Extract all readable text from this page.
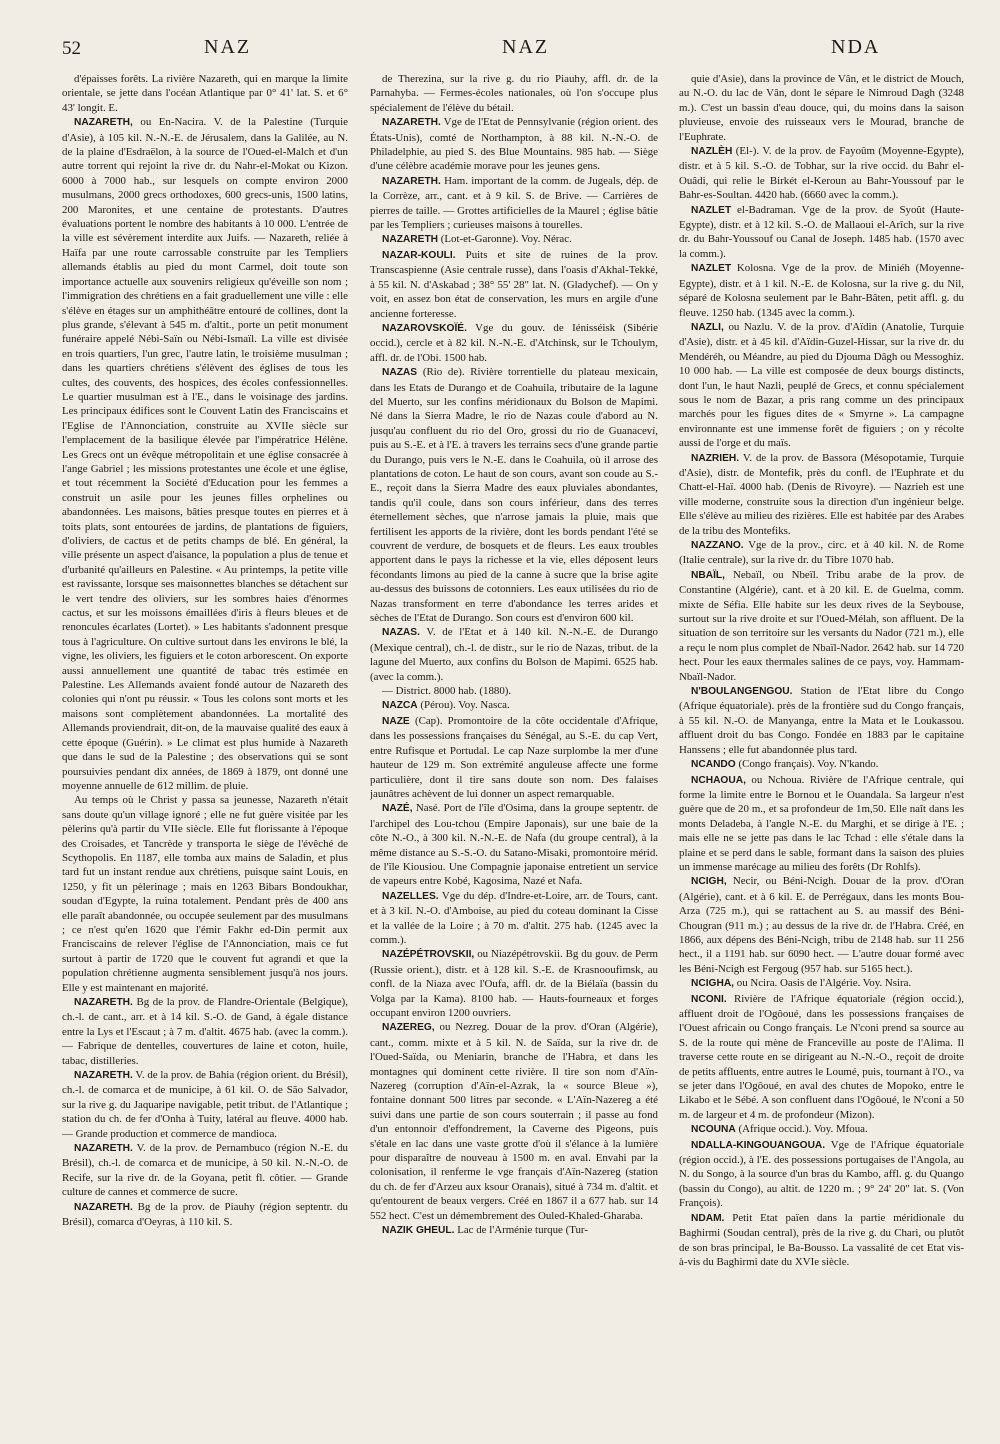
52	NAZ	NAZ	NDA

d'épaisses forêts. La rivière Nazareth, qui en marque la limite orientale, se jette dans l'océan Atlantique par 0° 41' lat. S. et 6° 43' longit. E.

NAZARETH, ou En-Nacira. V. de la Palestine (Turquie d'Asie), à 105 kil. N.-N.-E. de Jérusalem, dans la Galilée, au N. de la plaine d'Esdraëlon, à la source de l'Oued-el-Malch et d'un autre torrent qui rejoint la rive dr. du Nahr-el-Mokat ou Kizon. 6000 à 7000 hab., sur lesquels on compte environ 2000 musulmans, 2000 grecs orthodoxes, 600 grecs-unis, 1500 latins, 200 Maronites, et une centaine de protestants. D'autres évaluations portent le nombre des habitants à 10 000. L'entrée de la ville est sévèrement interdite aux Juifs. — Nazareth, reliée à Haïfa par une route carrossable construite par les Templiers allemands établis au pied du mont Carmel, doit toute son importance actuelle aux souvenirs religieux qu'éveille son nom ; l'immigration des chrétiens en a fait graduellement une ville : elle s'élève en étages sur un amphithéâtre entouré de collines, dont la plus grande, s'élevant à 545 m. d'altit., porte un petit monument funéraire appelé Nébi-Saïn ou Nébi-Ismaïl. La ville est divisée en trois quartiers, l'un grec, l'autre latin, le troisième musulman ; dans les quartiers chrétiens s'élèvent des églises de tous les cultes, des couvents, des hospices, des écoles confessionnelles. Le quartier musulman est à l'E., dans le voisinage des jardins. Les principaux édifices sont le Couvent Latin des Franciscains et l'Eglise de l'Annonciation, construite au XVIIe siècle sur l'emplacement de la basilique élevée par l'impératrice Hélène. Les Grecs ont un évêque métropolitain et une église consacrée à l'ange Gabriel ; les missions protestantes une école et une église, et tout récemment la Société d'Education pour les femmes a construit un asile pour les jeunes filles orphelines ou abandonnées. Les maisons, bâties presque toutes en pierres et à toits plats, sont entourées de jardins, de plantations de figuiers, d'oliviers, de cactus et de petits champs de blé. En général, la ville présente un aspect d'aisance, la population a plus de tenue et d'urbanité qu'ailleurs en Palestine. « Au printemps, la petite ville est ravissante, lorsque ses maisonnettes blanches se détachent sur le vert tendre des oliviers, sur les sombres haies d'énormes cactus, et sur les moissons émaillées d'iris à fleurs bleues et de renoncules écarlates (Lortet). » Les habitants s'adonnent presque tous à l'agriculture. On cultive surtout dans les environs le blé, la vigne, les oliviers, les figuiers et le coton arborescent. On exporte aussi annuellement une quantité de tabac très estimée en Palestine. Les Allemands avaient fondé autour de Nazareth des colonies qui n'ont pu réussir. « Tous les colons sont morts et les maisons sont complètement abandonnées. La mortalité des Allemands proviendrait, dit-on, de la mauvaise qualité des eaux à cette époque (Guérin). » Le climat est plus humide à Nazareth que dans le sud de la Palestine ; des observations qui se sont poursuivies pendant dix années, de 1869 à 1879, ont donné une moyenne annuelle de 612 millim. de pluie.

Au temps où le Christ y passa sa jeunesse, Nazareth n'était sans doute qu'un village ignoré ; elle ne fut guère visitée par les pèlerins qu'à partir du VIIe siècle. Elle fut florissante à l'époque des Croisades, et Tancrède y transporta le siège de l'évêché de Scythopolis. En 1187, elle tomba aux mains de Saladin, et plus tard fut un instant rendue aux chrétiens, puisque saint Louis, en 1250, y fit un pèlerinage ; mais en 1263 Bibars Bondoukhar, soudan d'Egypte, la ruina totalement. Pendant près de 400 ans elle paraît abandonnée, ou occupée seulement par des musulmans ; ce n'est qu'en 1620 que l'émir Fakhr ed-Din permit aux Franciscains de relever l'église de l'Annonciation, mais ce fut surtout à partir de 1720 que le couvent fut agrandi et que la population chrétienne augmenta sensiblement jusqu'à nos jours. Elle y est maintenant en majorité.

NAZARETH. Bg de la prov. de Flandre-Orientale (Belgique), ch.-l. de cant., arr. et à 14 kil. S.-O. de Gand, à égale distance entre la Lys et l'Escaut ; à 7 m. d'altit. 4675 hab. (avec la comm.). — Fabrique de dentelles, couvertures de laine et coton, huile, tabac, distilleries.

NAZARETH. V. de la prov. de Bahia (région orient. du Brésil), ch.-l. de comarca et de municipe, à 61 kil. O. de São Salvador, sur la rive g. du Jaquaripe navigable, petit tribut. de l'Atlantique ; station du ch. de fer d'Onha à Tuity, latéral au fleuve. 4000 hab. — Grande production et commerce de mandioca.

NAZARETH. V. de la prov. de Pernambuco (région N.-E. du Brésil), ch.-l. de comarca et de municipe, à 50 kil. N.-N.-O. de Recife, sur la rive dr. de la Goyana, petit fl. côtier. — Grande culture de cannes et commerce de sucre.

NAZARETH. Bg de la prov. de Piauhy (région septentr. du Brésil), comarca d'Oeyras, à 110 kil. S.

de Therezina, sur la rive g. du rio Piauhy, affl. dr. de la Parnahyba. — Fermes-écoles nationales, où l'on s'occupe plus spécialement de l'élève du bétail.

NAZARETH. Vge de l'Etat de Pennsylvanie (région orient. des États-Unis), comté de Northampton, à 88 kil. N.-N.-O. de Philadelphie, au pied S. des Blue Mountains. 985 hab. — Siège d'une célèbre académie morave pour les jeunes gens.

NAZARETH. Ham. important de la comm. de Jugeals, dép. de la Corrèze, arr., cant. et à 9 kil. S. de Brive. — Carrières de pierres de taille. — Grottes artificielles de la Maurel ; église bâtie par les Templiers ; curieuses maisons à tourelles.

NAZARETH (Lot-et-Garonne). Voy. Nérac.

NAZAR-KOULI. Puits et site de ruines de la prov. Transcaspienne (Asie centrale russe), dans l'oasis d'Akhal-Tekké, à 55 kil. N. d'Askabad ; 38° 55' 28" lat. N. (Gladychef). — On y voit, en assez bon état de conservation, les murs en argile d'une ancienne forteresse.

NAZAROVSKOÏÉ. Vge du gouv. de Iénisséisk (Sibérie occid.), cercle et à 82 kil. N.-N.-E. d'Atchinsk, sur le Tchoulym, affl. dr. de l'Obi. 1500 hab.

NAZAS (Rio de). Rivière torrentielle du plateau mexicain, dans les Etats de Durango et de Coahuila, tributaire de la lagune del Muerto, sur les confins méridionaux du Bolson de Mapimi. Né dans la Sierra Madre, le rio de Nazas coule d'abord au N. jusqu'au confluent du rio del Oro, grossi du rio de Guanaceví, puis au S.-E. et à l'E. à travers les terrains secs d'une grande partie du Durango, puis vers le N.-E. dans le Coahuila, où il arrose des plantations de coton. Le haut de son cours, avant son coude au S.-E., reçoit dans la Sierra Madre des eaux pluviales abondantes, tandis qu'il coule, dans son cours inférieur, dans des terres éternellement sèches, que n'arrose jamais la pluie, mais que fertilisent les apports de la rivière, dont les bords pendant l'été se couvrent de verdure, de bosquets et de fleurs. Les eaux troubles apportent dans le pays la richesse et la vie, elles déposent leurs fécondants limons au pied de la canne à sucre que la brise agite au-dessus des buissons de cotonniers. Les eaux utilisées du rio de Nazas transforment en terre d'abondance les terres arides et sèches de l'Etat de Durango. Son cours est d'environ 600 kil.

NAZAS. V. de l'Etat et à 140 kil. N.-N.-E. de Durango (Mexique central), ch.-l. de distr., sur le rio de Nazas, tribut. de la lagune del Muerto, aux confins du Bolson de Mapimi. 6525 hab. (avec la comm.).

— District. 8000 hab. (1880).

NAZCA (Pérou). Voy. Nasca.

NAZE (Cap). Promontoire de la côte occidentale d'Afrique, dans les possessions françaises du Sénégal, au S.-E. du cap Vert, entre Rufisque et Portudal. Le cap Naze surplombe la mer d'une hauteur de 129 m. Son extrémité anguleuse affecte une forme particulière, dont il tire sans doute son nom. Des falaises jaunâtres achèvent de lui donner un aspect remarquable.

NAZÉ, Nasé. Port de l'île d'Osima, dans la groupe septentr. de l'archipel des Lou-tchou (Empire Japonais), sur une baie de la côte N.-O., à 300 kil. N.-N.-E. de Nafa (du groupe central), à la même distance au S.-S.-O. du Satano-Misaki, promontoire mérid. de l'île Kiousiou. Une Compagnie japonaise entretient un service de vapeurs entre Kobé, Kagosima, Nazé et Nafa.

NAZELLES. Vge du dép. d'Indre-et-Loire, arr. de Tours, cant. et à 3 kil. N.-O. d'Amboise, au pied du coteau dominant la Cisse et la vallée de la Loire ; à 70 m. d'altit. 275 hab. (1245 avec la comm.).

NAZÉPÉTROVSKII, ou Niazépétrovskii. Bg du gouv. de Perm (Russie orient.), distr. et à 128 kil. S.-E. de Krasnooufimsk, au confl. de la Niaza avec l'Oufa, affl. dr. de la Biélaïa (bassin du Volga par la Kama). 8100 hab. — Hauts-fourneaux et forges occupant environ 1200 ouvriers.

NAZEREG, ou Nezreg. Douar de la prov. d'Oran (Algérie), cant., comm. mixte et à 5 kil. N. de Saïda, sur la rive dr. de l'Oued-Saïda, ou Meniarin, branche de l'Habra, et dans les montagnes qui dominent cette rivière. Il tire son nom d'Aïn-Nazereg (corruption d'Aïn-el-Azrak, la « source Bleue »), fontaine donnant 500 litres par seconde. « L'Aïn-Nazereg a été suivi dans une partie de son cours souterrain ; il passe au fond d'un entonnoir d'effondrement, la Caverne des Pigeons, puis s'étale en lac dans une vaste grotte d'où il s'élance à la lumière pour disparaître de nouveau à 1500 m. en aval. Envahi par la colonisation, il renferme le vge français d'Aïn-Nazereg (station du ch. de fer d'Arzeu aux ksour Oranais), situé à 734 m. d'altit. et qu'entourent de beaux vergers. Créé en 1867 il a 677 hab. sur 14 552 hect. C'est un démembrement des Ouled-Khaled-Gharaba.

NAZIK GHEUL. Lac de l'Arménie turque (Tur-

quie d'Asie), dans la province de Vân, et le district de Mouch, au N.-O. du lac de Vân, dont le sépare le Nimroud Dagh (3248 m.). C'est un bassin d'eau douce, qui, du moins dans la saison pluvieuse, envoie des ruisseaux vers le Mourad, branche de l'Euphrate.

NAZLÈH (El-). V. de la prov. de Fayoûm (Moyenne-Egypte), distr. et à 5 kil. S.-O. de Tobhar, sur la rive occid. du Bahr el-Ouâdi, qui relie le Birkét el-Keroun au Bahr-Youssouf par le Bahr-es-Soultan. 4420 hab. (6660 avec la comm.).

NAZLET el-Badraman. Vge de la prov. de Syoût (Haute-Egypte), distr. et à 12 kil. S.-O. de Mallaoui el-Arîch, sur la rive dr. du Bahr-Youssouf ou Canal de Joseph. 1485 hab. (1570 avec la comm.).

NAZLET Kolosna. Vge de la prov. de Miniéh (Moyenne-Egypte), distr. et à 1 kil. N.-E. de Kolosna, sur la rive g. du Nil, séparé de Kolosna seulement par le Bahr-Bâten, petit affl. g. du fleuve. 1250 hab. (1345 avec la comm.).

NAZLI, ou Nazlu. V. de la prov. d'Aïdin (Anatolie, Turquie d'Asie), distr. et à 45 kil. d'Aïdin-Guzel-Hissar, sur la rive dr. du Mendéréh, ou Méandre, au pied du Djouma Dâgh ou Messoghiz. 10 000 hab. — La ville est composée de deux bourgs distincts, dont l'un, le haut Nazli, peuplé de Grecs, et connu spécialement sous le nom de Bazar, a pris rang comme un des principaux marchés pour les figues dites de « Smyrne ». La campagne environnante est une immense forêt de figuiers ; on y récolte aussi de l'orge et du maïs.

NAZRIEH. V. de la prov. de Bassora (Mésopotamie, Turquie d'Asie), distr. de Montefik, près du confl. de l'Euphrate et du Chatt-el-Haï. 4000 hab. (Denis de Rivoyre). — Nazrieh est une ville moderne, construite sous la direction d'un ingénieur belge. Elle s'élève au milieu des rizières. Elle est habitée par des Arabes de la tribu des Montefiks.

NAZZANO. Vge de la prov., circ. et à 40 kil. N. de Rome (Italie centrale), sur la rive dr. du Tibre 1070 hab.

NBAÏL, Nebaïl, ou Nbeïl. Tribu arabe de la prov. de Constantine (Algérie), cant. et à 20 kil. E. de Guelma, comm. mixte de Séfia. Elle habite sur les deux rives de la Seybouse, surtout sur la rive droite et sur l'Oued-Mélah, son affluent. De la situation de son territoire sur les versants du Nador (721 m.), elle a reçu le nom plus complet de Nbaïl-Nador. 2642 hab. sur 14 720 hect. Pour les eaux thermales salines de ce pays, voy. Hammam-Nbaïl-Nador.

N'BOULANGENGOU. Station de l'Etat libre du Congo (Afrique équatoriale). près de la frontière sud du Congo français, à 55 kil. N.-O. de Manyanga, entre la Mata et le Loukassou. affluent droit du bas Congo. Fondée en 1883 par le capitaine Hanssens ; elle fut abandonnée plus tard.

NCANDO (Congo français). Voy. N'kando.

NCHAOUA, ou Nchoua. Rivière de l'Afrique centrale, qui forme la limite entre le Bornou et le Ouandala. Sa largeur n'est guère que de 20 m., et sa profondeur de 1m,50. Elle naît dans les monts Deladeba, à l'angle N.-E. du Marghi, et se dirige à l'E. ; mais elle ne se jette pas dans le lac Tchad : elle s'étale dans la plaine et se perd dans le sable, formant dans la saison des pluies un immense marécage au milieu des forêts (Dr Rohlfs).

NCIGH, Necir, ou Béni-Ncigh. Douar de la prov. d'Oran (Algérie), cant. et à 6 kil. E. de Perrégaux, dans les monts Bou-Arza (725 m.), qui se rattachent au S. au massif des Béni-Chougran (911 m.) ; au dessus de la rive dr. de l'Habra. Créé, en 1866, aux dépens des Béni-Ncigh, tribu de 2148 hab. sur 11 256 hect., il a 1191 hab. sur 6090 hect. — L'autre douar formé avec les Béni-Ncigh est Fergoug (957 hab. sur 5165 hect.).

NCIGHA, ou Ncira. Oasis de l'Algérie. Voy. Nsira.

NCONI. Rivière de l'Afrique équatoriale (région occid.), affluent droit de l'Ogôoué, dans les possessions françaises de l'Ouest africain ou Congo français. Le N'coni prend sa source au S. de la route qui mène de Franceville au poste de l'Alima. Il traverse cette route en se dirigeant au N.-N.-O., reçoit de droite de petits affluents, entre autres le Loumé, puis, tournant à l'O., va se jeter dans l'Ogôoué, en aval des chutes de Mopoko, entre le Likabo et le Sébé. A son confluent dans l'Ogôoué, le N'coni a 50 m. de largeur et 4 m. de profondeur (Mizon).

NCOUNA (Afrique occid.). Voy. Mfoua.

NDALLA-KINGOUANGOUA. Vge de l'Afrique équatoriale (région occid.), à l'E. des possessions portugaises de l'Angola, au N. du Songo, à la source d'un bras du Kambo, affl. g. du Quango (bassin du Congo), au altit. de 1220 m. ; 9° 24' 20" lat. S. (Von François).

NDAM. Petit Etat païen dans la partie méridionale du Baghirmi (Soudan central), près de la rive g. du Chari, ou plutôt de son bras principal, le Ba-Bousso. La vassalité de cet Etat vis-à-vis du Baghirmi date du XVIe siècle.
